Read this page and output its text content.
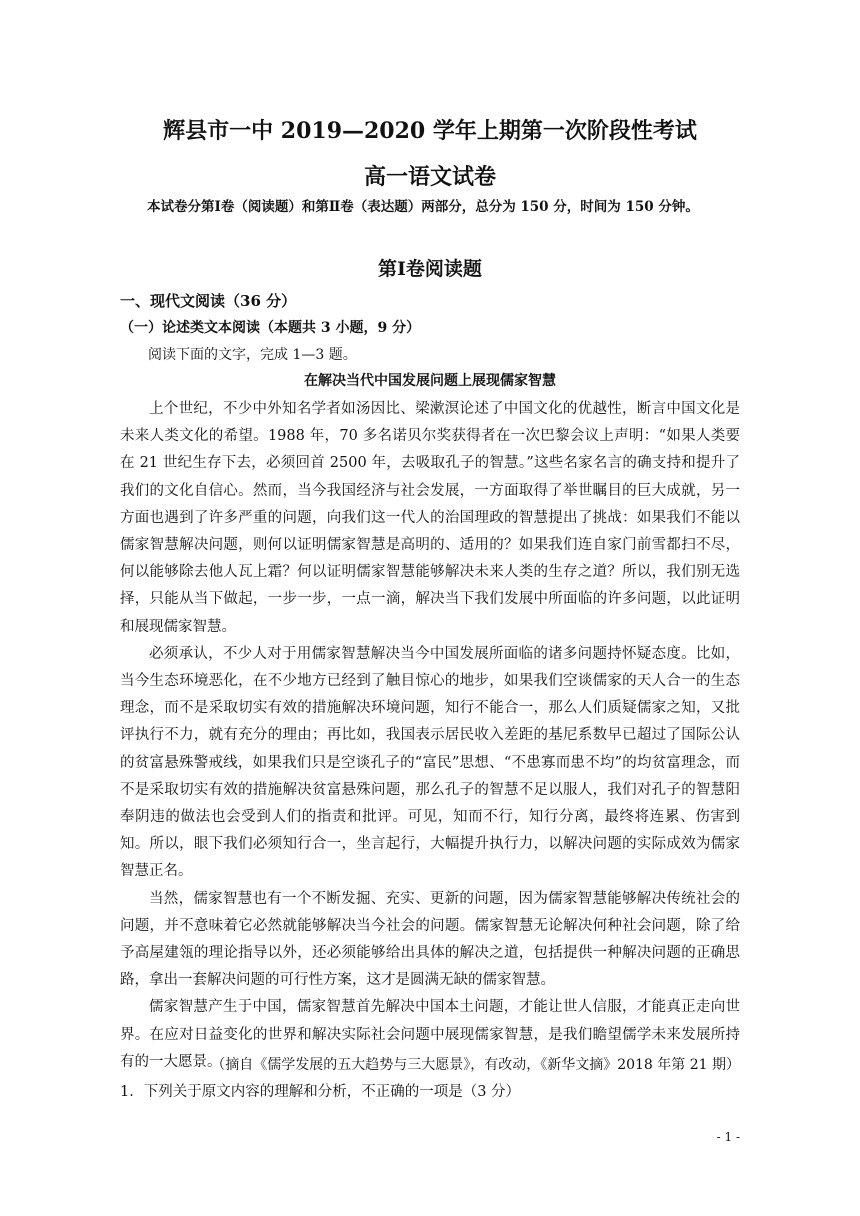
辉县市一中 2019—2020 学年上期第一次阶段性考试
高一语文试卷
本试卷分第Ⅰ卷（阅读题）和第Ⅱ卷（表达题）两部分，总分为 150 分，时间为 150 分钟。
第Ⅰ卷阅读题
一、现代文阅读（36 分）
（一）论述类文本阅读（本题共 3 小题，9 分）
阅读下面的文字，完成 1—3 题。
在解决当代中国发展问题上展现儒家智慧

上个世纪，不少中外知名学者如汤因比、梁漱溟论述了中国文化的优越性，断言中国文化是未来人类文化的希望。1988 年，70 多名诺贝尔奖获得者在一次巴黎会议上声明：“如果人类要在 21 世纪生存下去，必须回首 2500 年，去吸取孔子的智慧。”这些名家名言的确支持和提升了我们的文化自信心。然而，当今我国经济与社会发展，一方面取得了举世瞩目的巨大成就，另一方面也遇到了许多严重的问题，向我们这一代人的治国理政的智慧提出了挑战：如果我们不能以儒家智慧解决问题，则何以证明儒家智慧是高明的、适用的？如果我们连自家门前雪都扫不尽，何以能够除去他人瓦上霜？何以证明儒家智慧能够解决未来人类的生存之道？所以，我们别无选择，只能从当下做起，一步一步，一点一滴，解决当下我们发展中所面临的许多问题，以此证明和展现儒家智慧。

必须承认，不少人对于用儒家智慧解决当今中国发展所面临的诸多问题持怀疑态度。比如，当今生态环境恶化，在不少地方已经到了触目惊心的地步，如果我们空谈儒家的天人合一的生态理念，而不是采取切实有效的措施解决环境问题，知行不能合一，那么人们质疑儒家之知，又批评执行不力，就有充分的理由；再比如，我国表示居民收入差距的基尼系数早已超过了国际公认的贫富悬殊警戒线，如果我们只是空谈孔子的“富民”思想、“不患寡而患不均”的均贫富理念，而不是采取切实有效的措施解决贫富悬殊问题，那么孔子的智慧不足以服人，我们对孔子的智慧阳奉阴违的做法也会受到人们的指责和批评。可见，知而不行，知行分离，最终将连累、伤害到知。所以，眼下我们必须知行合一，坐言起行，大幅提升执行力，以解决问题的实际成效为儒家智慧正名。

当然，儒家智慧也有一个不断发掘、充实、更新的问题，因为儒家智慧能够解决传统社会的问题，并不意味着它必然就能够解决当今社会的问题。儒家智慧无论解决何种社会问题，除了给予高屋建瓴的理论指导以外，还必须能够给出具体的解决之道，包括提供一种解决问题的正确思路，拿出一套解决问题的可行性方案，这才是圆满无缺的儒家智慧。

儒家智慧产生于中国，儒家智慧首先解决中国本土问题，才能让世人信服，才能真正走向世界。在应对日益变化的世界和解决实际社会问题中展现儒家智慧，是我们瞻望儒学未来发展所持有的一大愿景。

（摘自《儒学发展的五大趋势与三大愿景》，有改动，《新华文摘》2018 年第 21 期）
1．下列关于原文内容的理解和分析，不正确的一项是（3 分）
- 1 -
